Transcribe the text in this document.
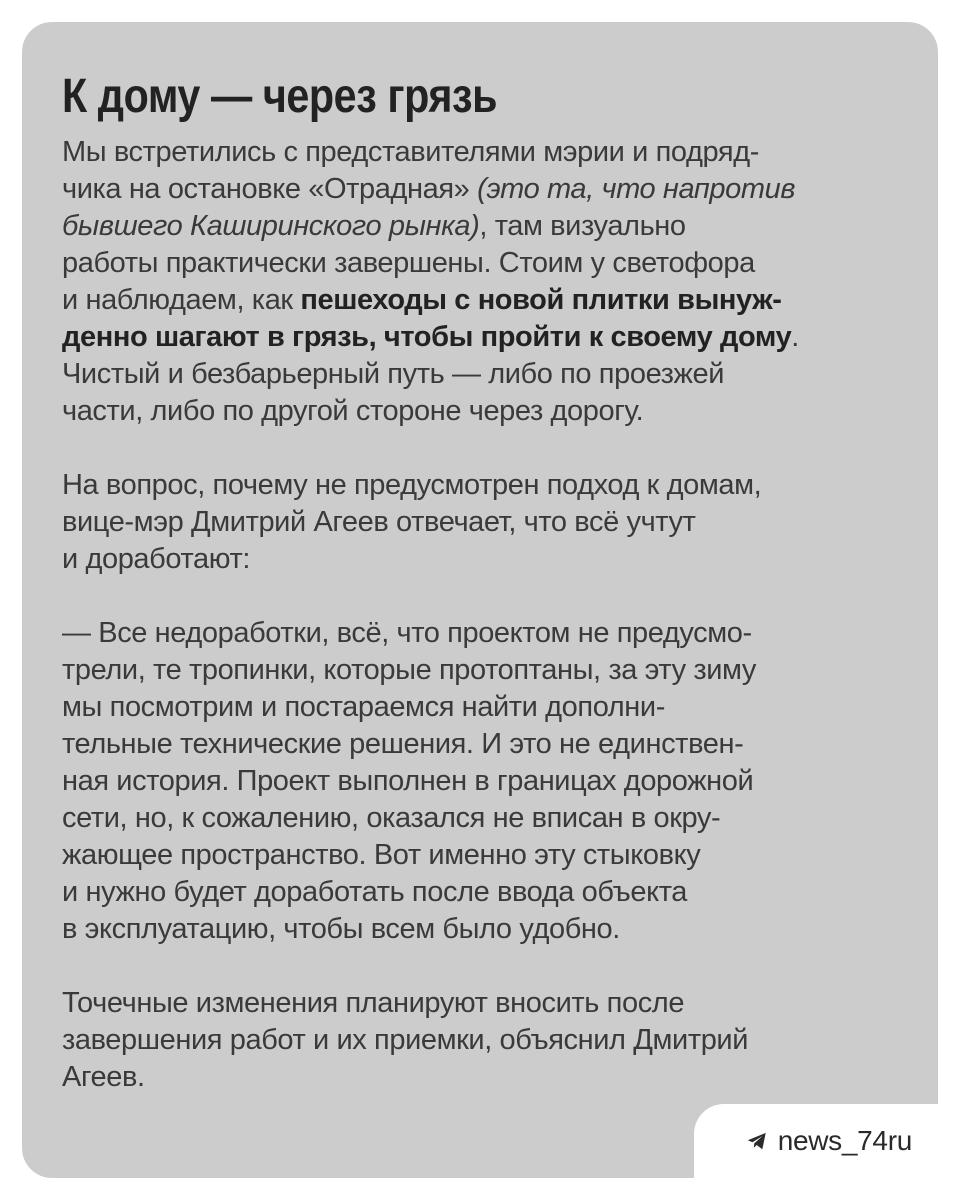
К дому — через грязь
Мы встретились с представителями мэрии и подряд-
чика на остановке «Отрадная» (это та, что напротив
бывшего Каширинского рынка), там визуально
работы практически завершены. Стоим у светофора
и наблюдаем, как пешеходы с новой плитки вынуж-
денно шагают в грязь, чтобы пройти к своему дому.
Чистый и безбарьерный путь — либо по проезжей
части, либо по другой стороне через дорогу.
На вопрос, почему не предусмотрен подход к домам,
вице-мэр Дмитрий Агеев отвечает, что всё учтут
и доработают:
— Все недоработки, всё, что проектом не предусмо-
трели, те тропинки, которые протоптаны, за эту зиму
мы посмотрим и постараемся найти дополни-
тельные технические решения. И это не единствен-
ная история. Проект выполнен в границах дорожной
сети, но, к сожалению, оказался не вписан в окру-
жающее пространство. Вот именно эту стыковку
и нужно будет доработать после ввода объекта
в эксплуатацию, чтобы всем было удобно.
Точечные изменения планируют вносить после
завершения работ и их приемки, объяснил Дмитрий
Агеев.
news_74ru
